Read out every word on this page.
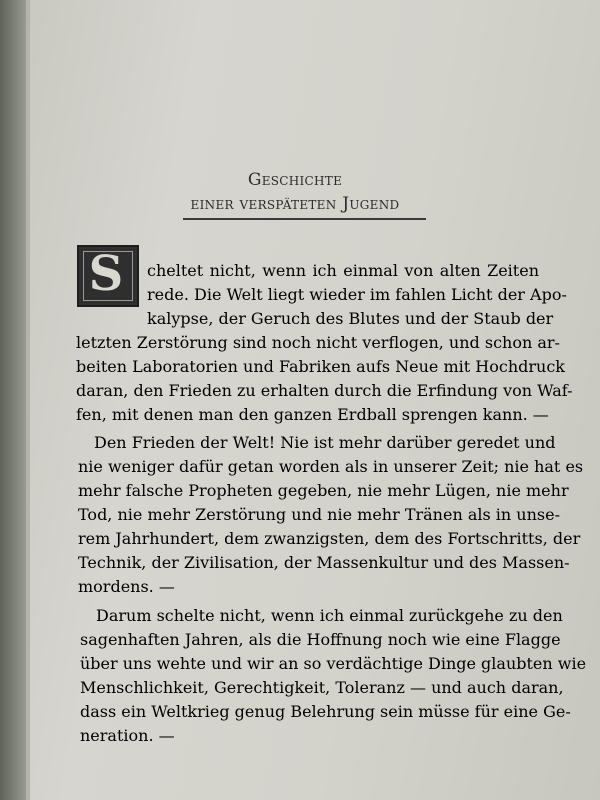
Geschichte
einer verspäteten Jugend
S	cheltet nicht, wenn ich einmal von alten Zeiten
rede. Die Welt liegt wieder im fahlen Licht der Apo-
kalypse, der Geruch des Blutes und der Staub der
letzten Zerstörung sind noch nicht verflogen, und schon ar-
beiten Laboratorien und Fabriken aufs Neue mit Hochdruck
daran, den Frieden zu erhalten durch die Erfindung von Waf-
fen, mit denen man den ganzen Erdball sprengen kann. —
Den Frieden der Welt! Nie ist mehr darüber geredet und
nie weniger dafür getan worden als in unserer Zeit; nie hat es
mehr falsche Propheten gegeben, nie mehr Lügen, nie mehr
Tod, nie mehr Zerstörung und nie mehr Tränen als in unse-
rem Jahrhundert, dem zwanzigsten, dem des Fortschritts, der
Technik, der Zivilisation, der Massenkultur und des Massen-
mordens. —
Darum schelte nicht, wenn ich einmal zurückgehe zu den
sagenhaften Jahren, als die Hoffnung noch wie eine Flagge
über uns wehte und wir an so verdächtige Dinge glaubten wie
Menschlichkeit, Gerechtigkeit, Toleranz — und auch daran,
dass ein Weltkrieg genug Belehrung sein müsse für eine Ge-
neration. —
